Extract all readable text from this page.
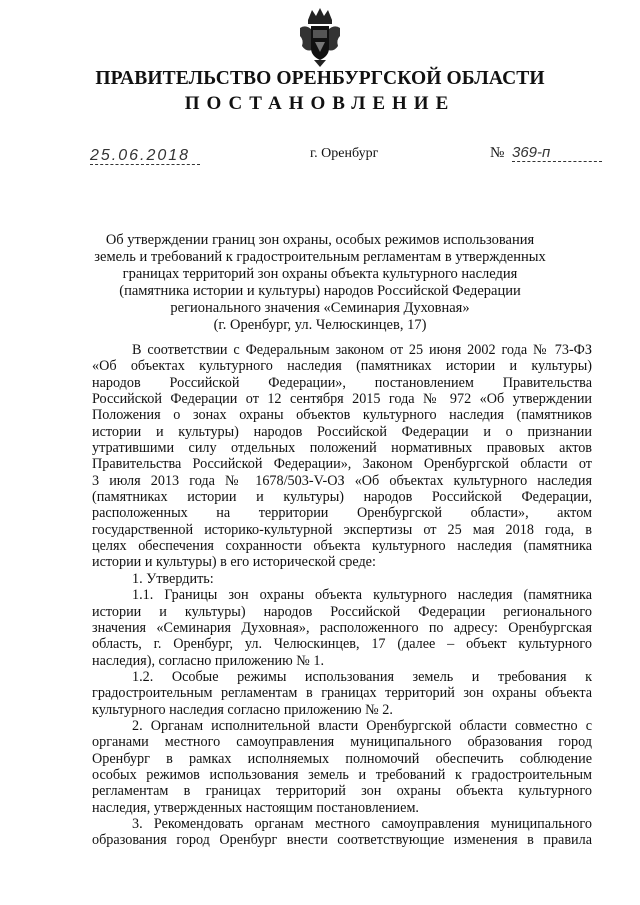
ПРАВИТЕЛЬСТВО ОРЕНБУРГСКОЙ ОБЛАСТИ

ПОСТАНОВЛЕНИЕ

25.06.2018	г. Оренбург	№ 369-п

Об утверждении границ зон охраны, особых режимов использования
земель и требований к градостроительным регламентам в утвержденных
границах территорий зон охраны объекта культурного наследия
(памятника истории и культуры) народов Российской Федерации
регионального значения «Семинария Духовная»
(г. Оренбург, ул. Челюскинцев, 17)

В соответствии с Федеральным законом от 25 июня 2002 года № 73-ФЗ
«Об объектах культурного наследия (памятниках истории и культуры)
народов Российской Федерации», постановлением Правительства
Российской Федерации от 12 сентября 2015 года № 972 «Об утверждении
Положения о зонах охраны объектов культурного наследия (памятников
истории и культуры) народов Российской Федерации и о признании
утратившими силу отдельных положений нормативных правовых актов
Правительства Российской Федерации», Законом Оренбургской области от
3 июля 2013 года № 1678/503-V-ОЗ «Об объектах культурного наследия
(памятниках истории и культуры) народов Российской Федерации,
расположенных на территории Оренбургской области», актом
государственной историко-культурной экспертизы от 25 мая 2018 года, в
целях обеспечения сохранности объекта культурного наследия (памятника
истории и культуры) в его исторической среде:
1. Утвердить:
1.1. Границы зон охраны объекта культурного наследия (памятника
истории и культуры) народов Российской Федерации регионального
значения «Семинария Духовная», расположенного по адресу: Оренбургская
область, г. Оренбург, ул. Челюскинцев, 17 (далее – объект культурного
наследия), согласно приложению № 1.
1.2. Особые режимы использования земель и требования к
градостроительным регламентам в границах территорий зон охраны объекта
культурного наследия согласно приложению № 2.
2. Органам исполнительной власти Оренбургской области совместно с
органами местного самоуправления муниципального образования город
Оренбург в рамках исполняемых полномочий обеспечить соблюдение
особых режимов использования земель и требований к градостроительным
регламентам в границах территорий зон охраны объекта культурного
наследия, утвержденных настоящим постановлением.
3. Рекомендовать органам местного самоуправления муниципального
образования город Оренбург внести соответствующие изменения в правила
